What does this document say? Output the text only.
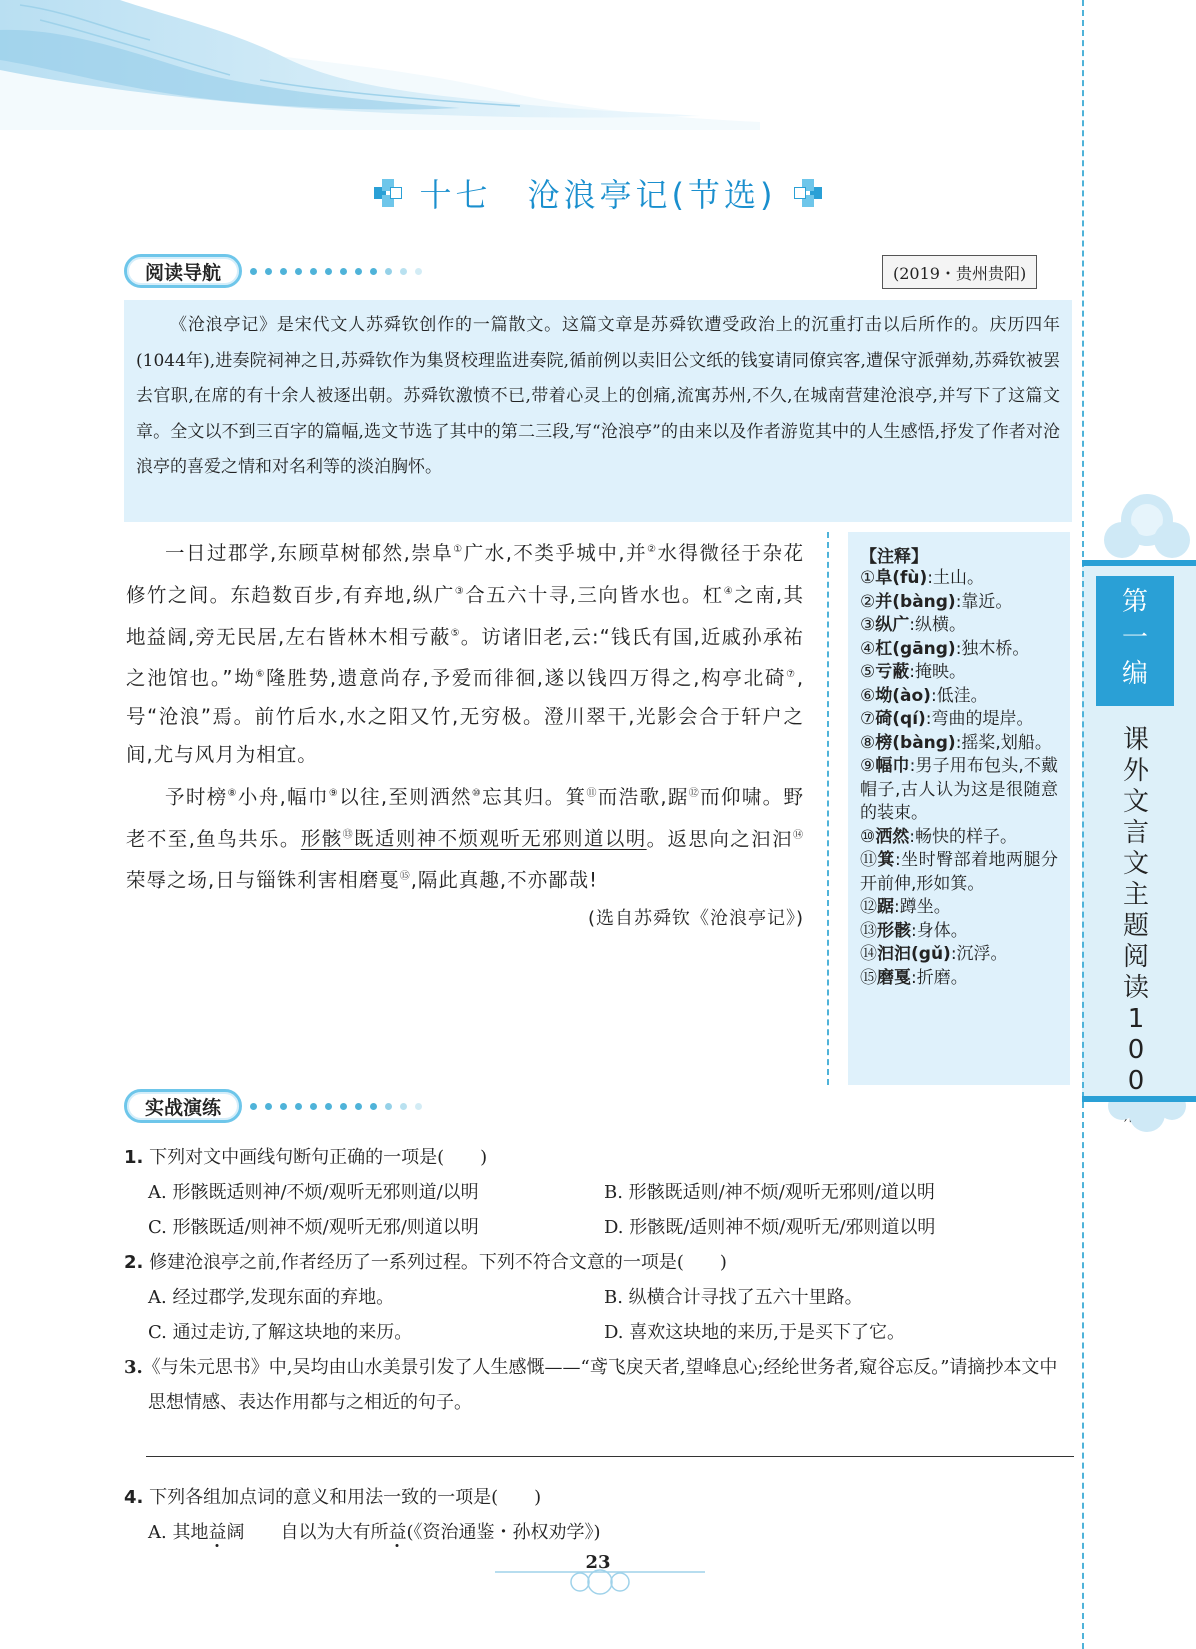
十七　沧浪亭记(节选)
阅读导航	(2019・贵州贵阳)

《沧浪亭记》是宋代文人苏舜钦创作的一篇散文。这篇文章是苏舜钦遭受政治上的沉重打击以后所作的。庆历四年(1044年),进奏院祠神之日,苏舜钦作为集贤校理监进奏院,循前例以卖旧公文纸的钱宴请同僚宾客,遭保守派弹劾,苏舜钦被罢去官职,在席的有十余人被逐出朝。苏舜钦激愤不已,带着心灵上的创痛,流寓苏州,不久,在城南营建沧浪亭,并写下了这篇文章。全文以不到三百字的篇幅,选文节选了其中的第二三段,写“沧浪亭”的由来以及作者游览其中的人生感悟,抒发了作者对沧浪亭的喜爱之情和对名利等的淡泊胸怀。

一日过郡学,东顾草树郁然,崇阜①广水,不类乎城中,并②水得微径于杂花修竹之间。东趋数百步,有弃地,纵广③合五六十寻,三向皆水也。杠④之南,其地益阔,旁无民居,左右皆林木相亏蔽⑤。访诸旧老,云:“钱氏有国,近戚孙承祐之池馆也。”坳⑥隆胜势,遗意尚存,予爱而徘徊,遂以钱四万得之,构亭北碕⑦,号“沧浪”焉。前竹后水,水之阳又竹,无穷极。澄川翠干,光影会合于轩户之间,尤与风月为相宜。

予时榜⑧小舟,幅巾⑨以往,至则洒然⑩忘其归。箕⑪而浩歌,踞⑫而仰啸。野老不至,鱼鸟共乐。形骸⑬既适则神不烦观听无邪则道以明。返思向之汩汩⑭荣辱之场,日与锱铢利害相磨戛⑮,隔此真趣,不亦鄙哉!

(选自苏舜钦《沧浪亭记》)
【注释】

①阜(fù):土山。

②并(bàng):靠近。

③纵广:纵横。

④杠(gāng):独木桥。

⑤亏蔽:掩映。

⑥坳(ào):低洼。

⑦碕(qí):弯曲的堤岸。

⑧榜(bàng):摇桨,划船。

⑨幅巾:男子用布包头,不戴帽子,古人认为这是很随意的装束。

⑩洒然:畅快的样子。

⑪箕:坐时臀部着地两腿分开前伸,形如箕。

⑫踞:蹲坐。

⑬形骸:身体。

⑭汩汩(gǔ):沉浮。

⑮磨戛:折磨。

第一编
课外文言文主题阅读100
实战演练

1. 下列对文中画线句断句正确的一项是(　　)

A. 形骸既适则神/不烦/观听无邪则道/以明	B. 形骸既适则/神不烦/观听无邪则/道以明
C. 形骸既适/则神不烦/观听无邪/则道以明	D. 形骸既/适则神不烦/观听无/邪则道以明

2. 修建沧浪亭之前,作者经历了一系列过程。下列不符合文意的一项是(　　)

A. 经过郡学,发现东面的弃地。	B. 纵横合计寻找了五六十里路。
C. 通过走访,了解这块地的来历。	D. 喜欢这块地的来历,于是买下了它。

3.《与朱元思书》中,吴均由山水美景引发了人生感慨——“鸢飞戾天者,望峰息心;经纶世务者,窥谷忘反。”请摘抄本文中思想情感、表达作用都与之相近的句子。

4. 下列各组加点词的意义和用法一致的一项是(　　)

A. 其地益阔　　自以为大有所益(《资治通鉴・孙权劝学》)
23
